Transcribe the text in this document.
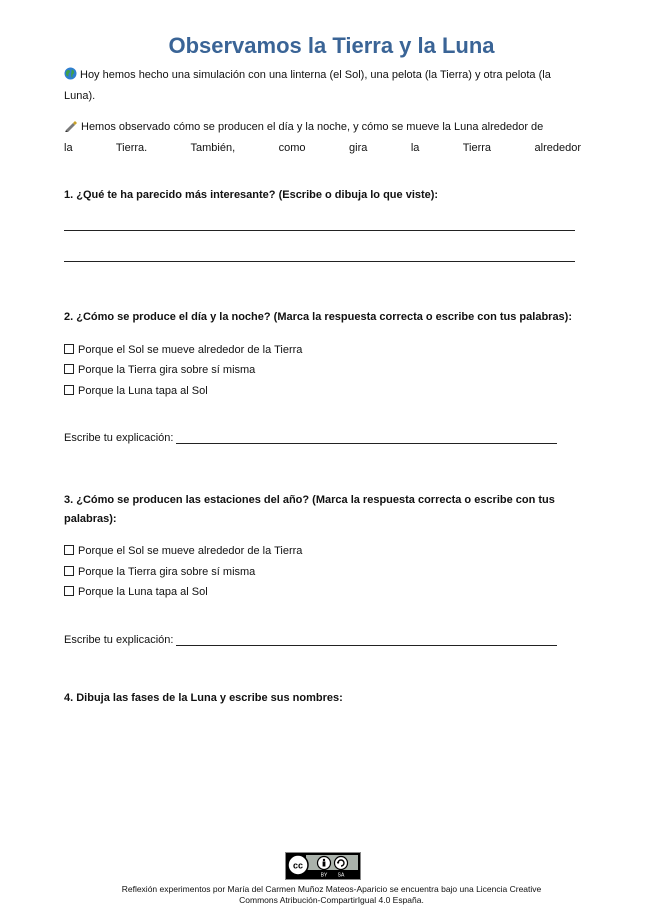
Observamos la Tierra y la Luna
Hoy hemos hecho una simulación con una linterna (el Sol), una pelota (la Tierra) y otra pelota (la Luna).
Hemos observado cómo se producen el día y la noche, y cómo se mueve la Luna alrededor de
la Tierra. También, como gira la Tierra alrededor
1. ¿Qué te ha parecido más interesante? (Escribe o dibuja lo que viste):
2. ¿Cómo se produce el día y la noche? (Marca la respuesta correcta o escribe con tus palabras):
Porque el Sol se mueve alrededor de la Tierra
Porque la Tierra gira sobre sí misma
Porque la Luna tapa al Sol
Escribe tu explicación:
3. ¿Cómo se producen las estaciones del año? (Marca la respuesta correcta o escribe con tus palabras):
Porque el Sol se mueve alrededor de la Tierra
Porque la Tierra gira sobre sí misma
Porque la Luna tapa al Sol
Escribe tu explicación:
4. Dibuja las fases de la Luna y escribe sus nombres:
cc
BY SA
Reflexión experimentos por María del Carmen Muñoz Mateos-Aparicio se encuentra bajo una Licencia Creative
Commons Atribución-CompartirIgual 4.0 España.
